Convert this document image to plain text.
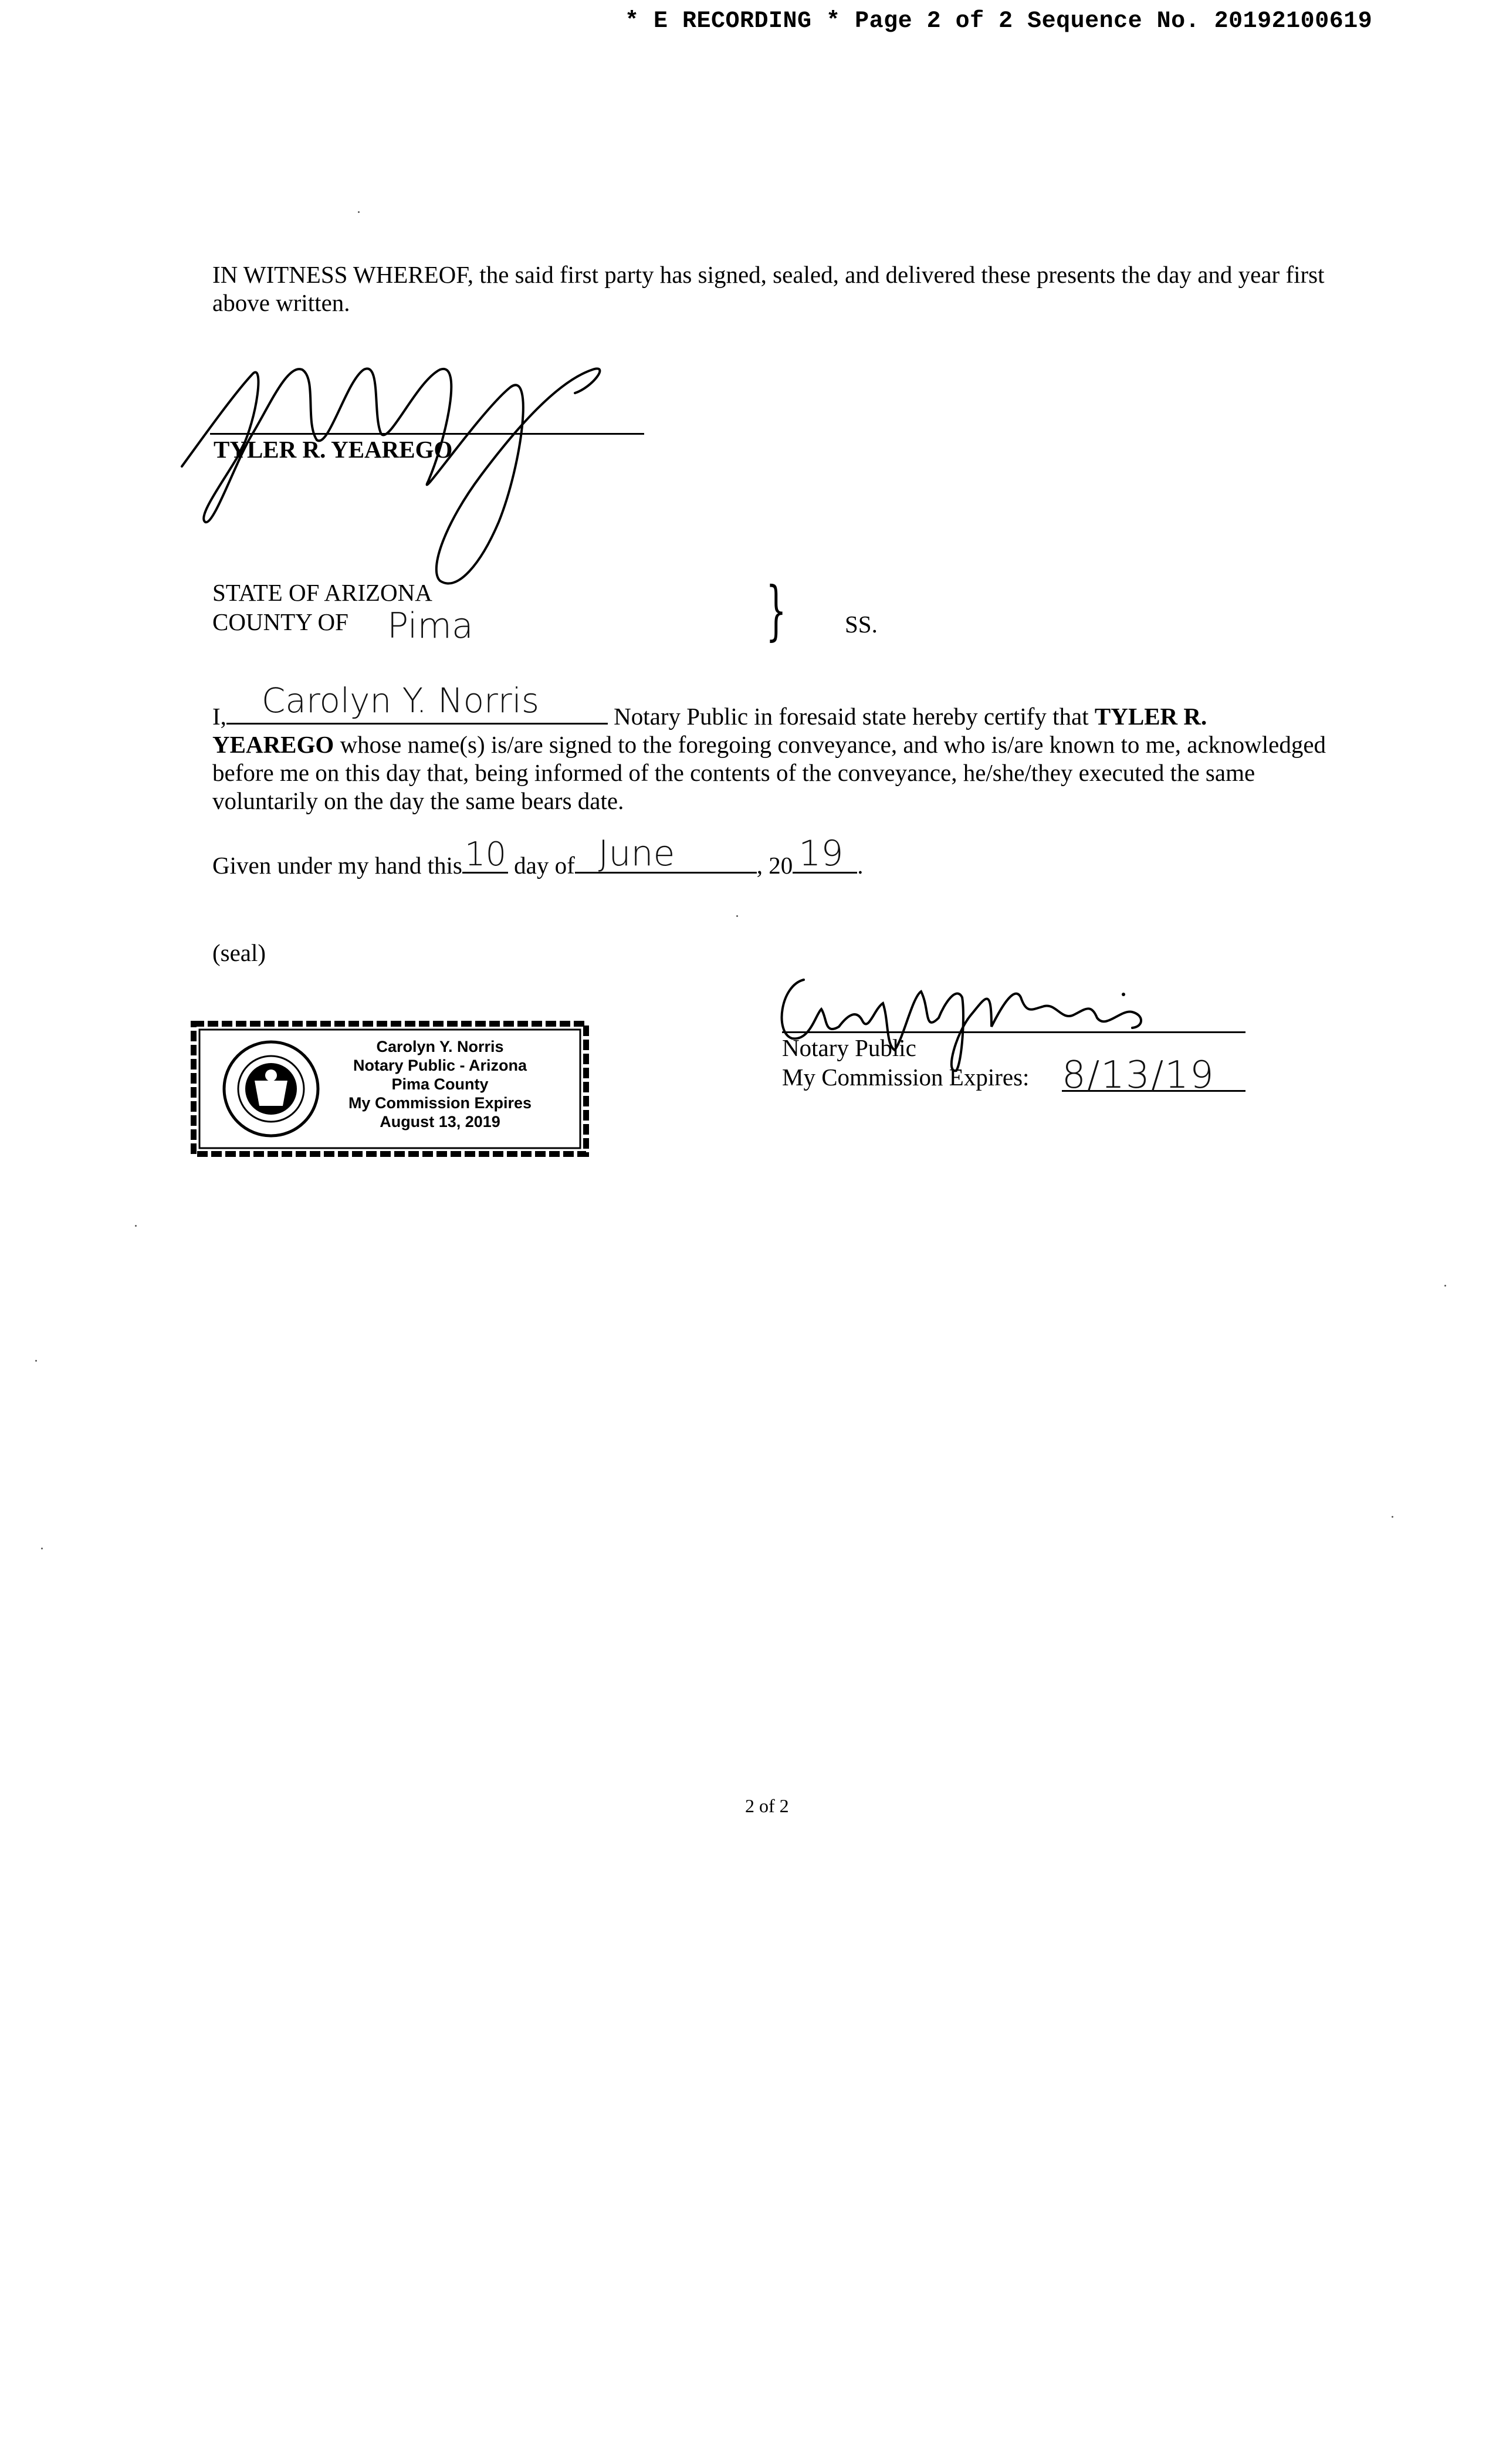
* E RECORDING * Page 2 of 2 Sequence No. 20192100619
IN WITNESS WHEREOF, the said first party has signed, sealed, and delivered these presents the day and year first above written.
TYLER R. YEAREGO
STATE OF ARIZONA
COUNTY OF Pima	} SS.
I, Carolyn Y. Norris	Notary Public in foresaid state hereby certify that TYLER R. YEAREGO whose name(s) is/are signed to the foregoing conveyance, and who is/are known to me, acknowledged before me on this day that, being informed of the contents of the conveyance, he/she/they executed the same voluntarily on the day the same bears date.
Given under my hand this 10 day of June	, 20 19 .
(seal)
Carolyn Y. Norris
Notary Public - Arizona
Pima County
My Commission Expires
August 13, 2019
Notary Public
My Commission Expires: 8/13/19
2 of 2
